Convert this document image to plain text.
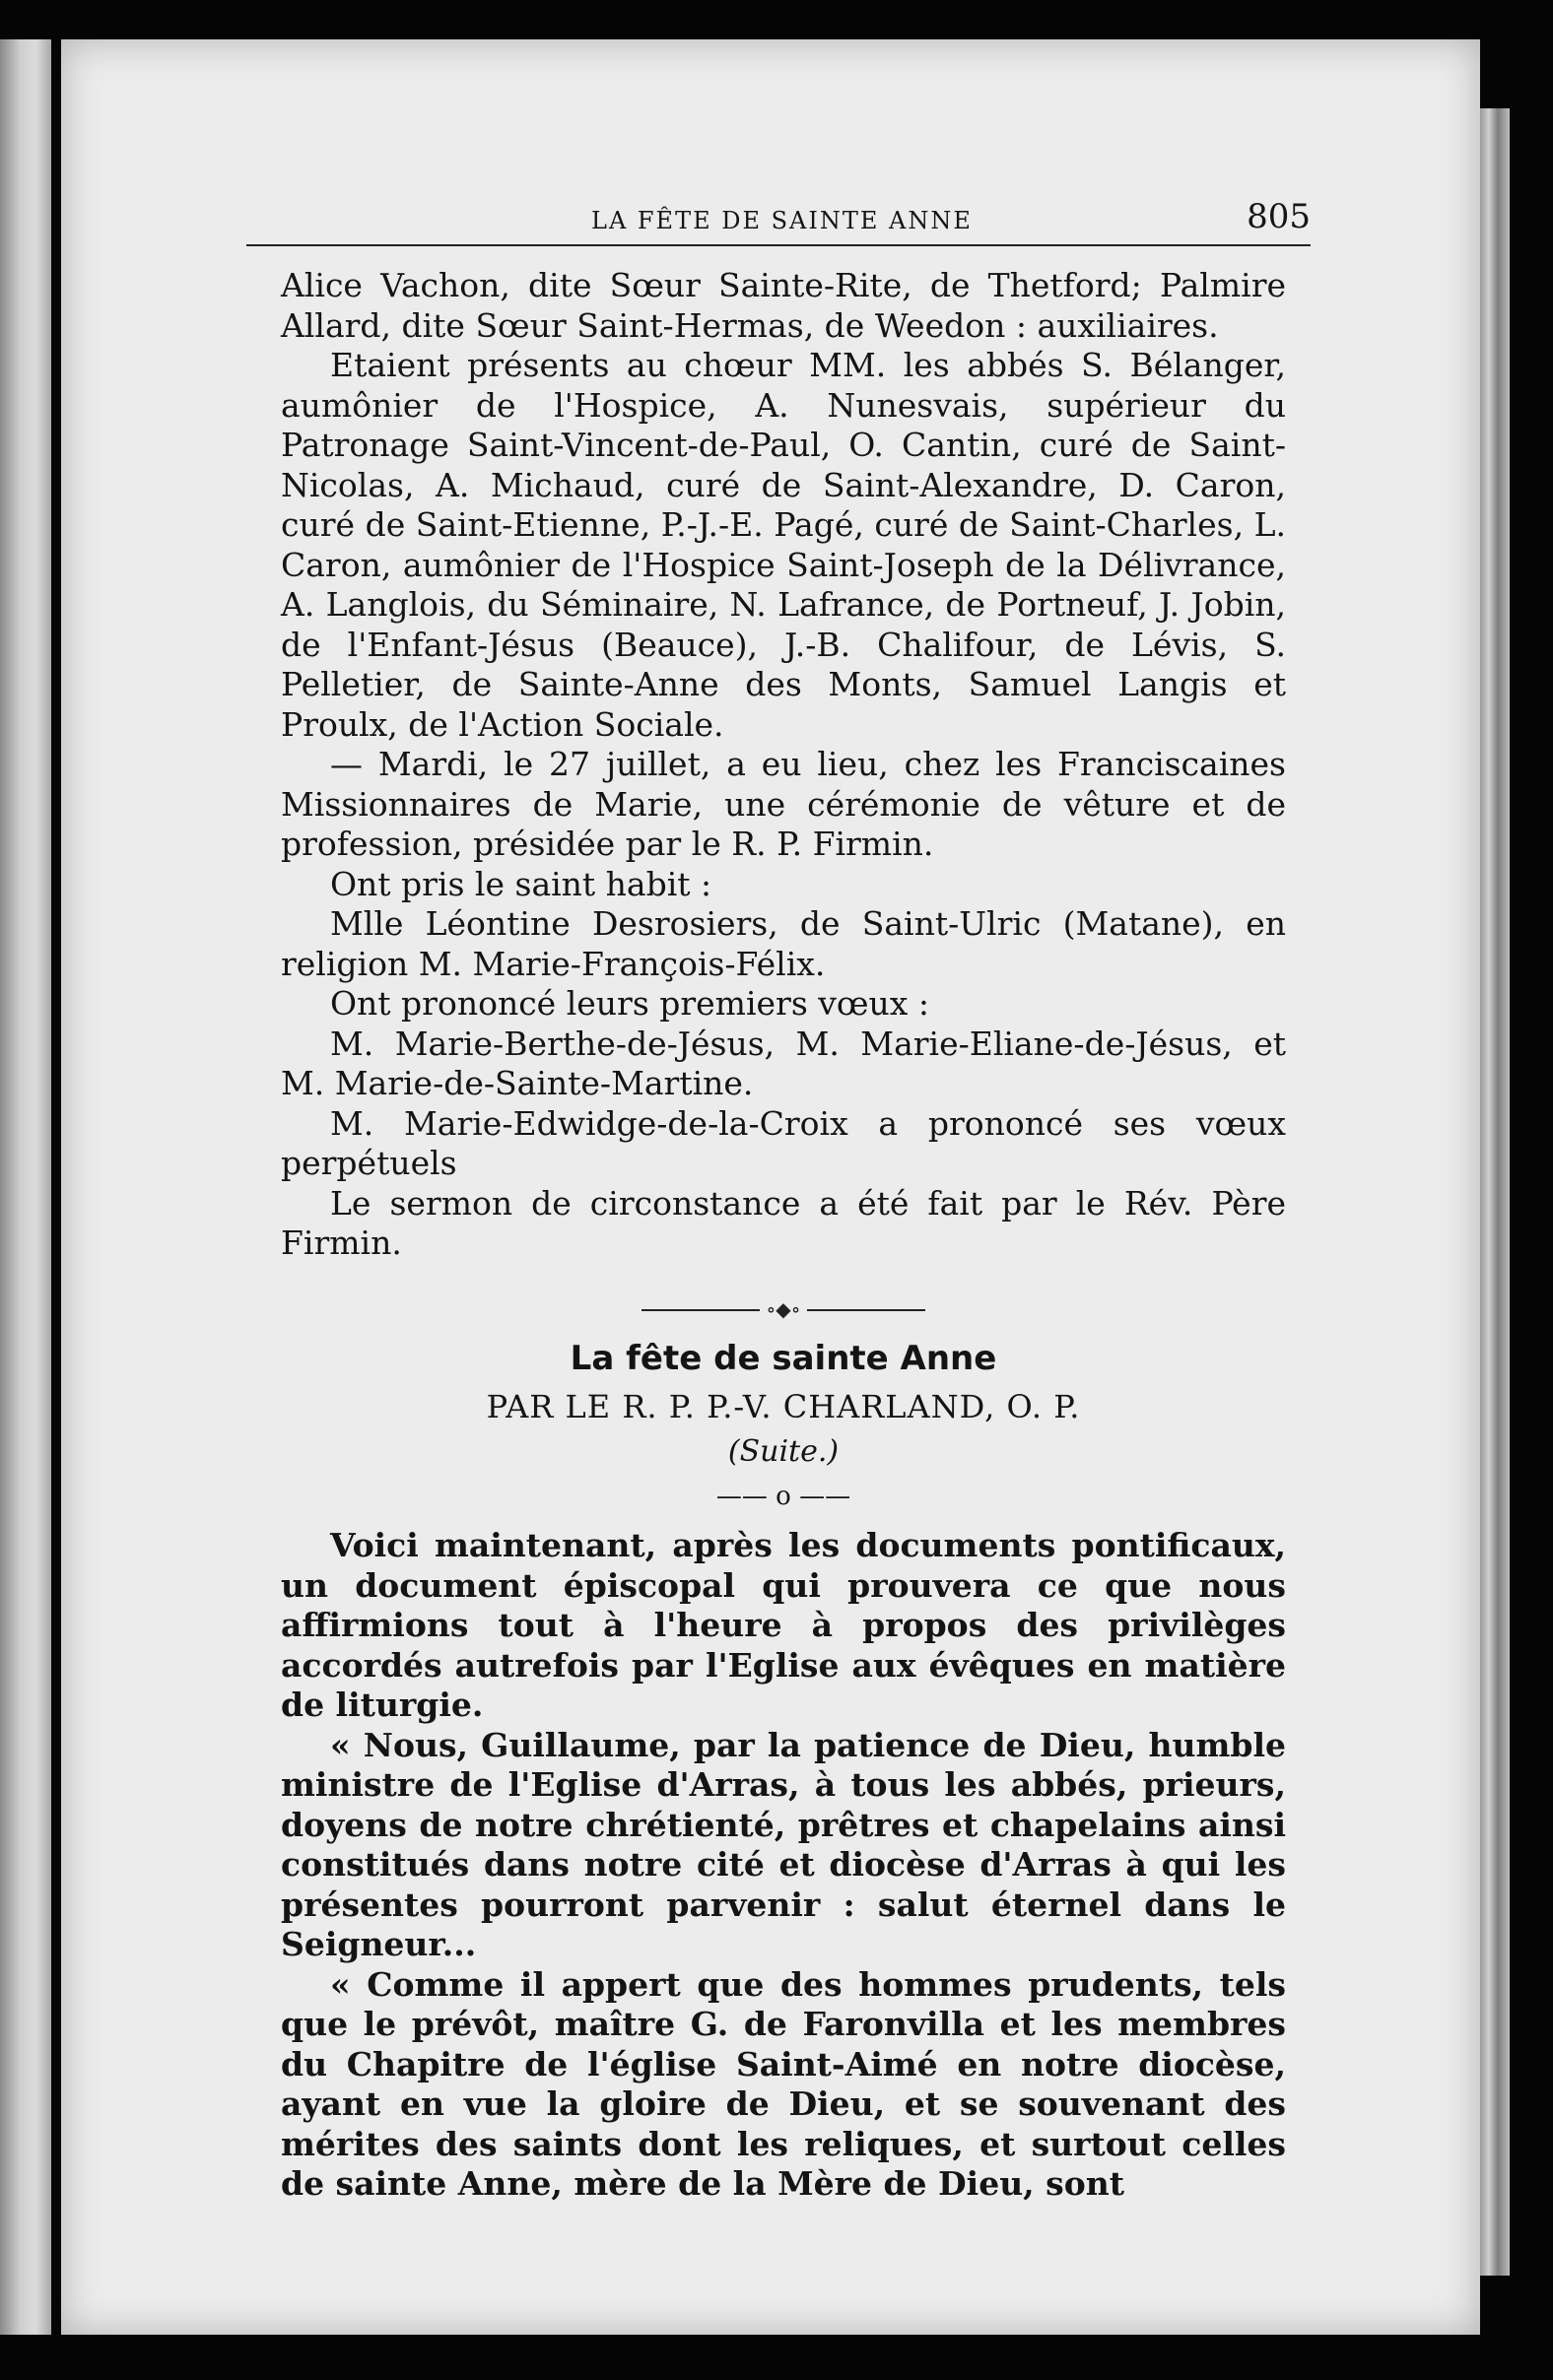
LA FÊTE DE SAINTE ANNE	805

Alice Vachon, dite Sœur Sainte-Rite, de Thetford; Palmire Allard, dite Sœur Saint-Hermas, de Weedon : auxiliaires.

Etaient présents au chœur MM. les abbés S. Bélanger, aumônier de l'Hospice, A. Nunesvais, supérieur du Patronage Saint-Vincent-de-Paul, O. Cantin, curé de Saint-Nicolas, A. Michaud, curé de Saint-Alexandre, D. Caron, curé de Saint-Etienne, P.-J.-E. Pagé, curé de Saint-Charles, L. Caron, aumônier de l'Hospice Saint-Joseph de la Délivrance, A. Langlois, du Séminaire, N. Lafrance, de Portneuf, J. Jobin, de l'Enfant-Jésus (Beauce), J.-B. Chalifour, de Lévis, S. Pelletier, de Sainte-Anne des Monts, Samuel Langis et Proulx, de l'Action Sociale.

— Mardi, le 27 juillet, a eu lieu, chez les Franciscaines Missionnaires de Marie, une cérémonie de vêture et de profession, présidée par le R. P. Firmin.

Ont pris le saint habit :

Mlle Léontine Desrosiers, de Saint-Ulric (Matane), en religion M. Marie-François-Félix.

Ont prononcé leurs premiers vœux :

M. Marie-Berthe-de-Jésus, M. Marie-Eliane-de-Jésus, et M. Marie-de-Sainte-Martine.

M. Marie-Edwidge-de-la-Croix a prononcé ses vœux perpétuels

Le sermon de circonstance a été fait par le Rév. Père Firmin.

∘◆∘
La fête de sainte Anne
PAR LE R. P. P.-V. CHARLAND, O. P.
(Suite.)
—— o ——

Voici maintenant, après les documents pontificaux, un document épiscopal qui prouvera ce que nous affirmions tout à l'heure à propos des privilèges accordés autrefois par l'Eglise aux évêques en matière de liturgie.

« Nous, Guillaume, par la patience de Dieu, humble ministre de l'Eglise d'Arras, à tous les abbés, prieurs, doyens de notre chrétienté, prêtres et chapelains ainsi constitués dans notre cité et diocèse d'Arras à qui les présentes pourront parvenir : salut éternel dans le Seigneur...

« Comme il appert que des hommes prudents, tels que le prévôt, maître G. de Faronvilla et les membres du Chapitre de l'église Saint-Aimé en notre diocèse, ayant en vue la gloire de Dieu, et se souvenant des mérites des saints dont les reliques, et surtout celles de sainte Anne, mère de la Mère de Dieu, sont
